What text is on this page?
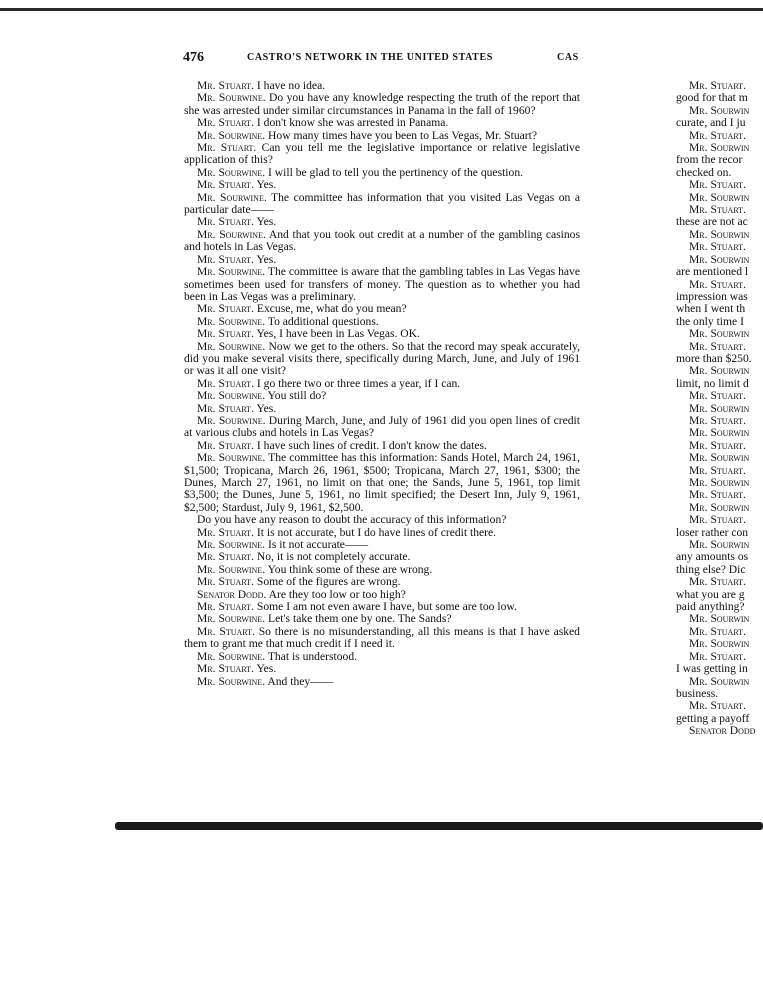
476	CASTRO'S NETWORK IN THE UNITED STATES	CAS

Mr. Stuart. I have no idea.

Mr. Sourwine. Do you have any knowledge respecting the truth of the report that she was arrested under similar circumstances in Panama in the fall of 1960?

Mr. Stuart. I don't know she was arrested in Panama.

Mr. Sourwine. How many times have you been to Las Vegas, Mr. Stuart?

Mr. Stuart. Can you tell me the legislative importance or relative legislative application of this?

Mr. Sourwine. I will be glad to tell you the pertinency of the question.

Mr. Stuart. Yes.

Mr. Sourwine. The committee has information that you visited Las Vegas on a particular date——

Mr. Stuart. Yes.

Mr. Sourwine. And that you took out credit at a number of the gambling casinos and hotels in Las Vegas.

Mr. Stuart. Yes.

Mr. Sourwine. The committee is aware that the gambling tables in Las Vegas have sometimes been used for transfers of money. The question as to whether you had been in Las Vegas was a preliminary.

Mr. Stuart. Excuse, me, what do you mean?

Mr. Sourwine. To additional questions.

Mr. Stuart. Yes, I have been in Las Vegas. OK.

Mr. Sourwine. Now we get to the others. So that the record may speak accurately, did you make several visits there, specifically during March, June, and July of 1961 or was it all one visit?

Mr. Stuart. I go there two or three times a year, if I can.

Mr. Sourwine. You still do?

Mr. Stuart. Yes.

Mr. Sourwine. During March, June, and July of 1961 did you open lines of credit at various clubs and hotels in Las Vegas?

Mr. Stuart. I have such lines of credit. I don't know the dates.

Mr. Sourwine. The committee has this information: Sands Hotel, March 24, 1961, $1,500; Tropicana, March 26, 1961, $500; Tropicana, March 27, 1961, $300; the Dunes, March 27, 1961, no limit on that one; the Sands, June 5, 1961, top limit $3,500; the Dunes, June 5, 1961, no limit specified; the Desert Inn, July 9, 1961, $2,500; Stardust, July 9, 1961, $2,500.

Do you have any reason to doubt the accuracy of this information?

Mr. Stuart. It is not accurate, but I do have lines of credit there.

Mr. Sourwine. Is it not accurate——

Mr. Stuart. No, it is not completely accurate.

Mr. Sourwine. You think some of these are wrong.

Mr. Stuart. Some of the figures are wrong.

Senator Dodd. Are they too low or too high?

Mr. Stuart. Some I am not even aware I have, but some are too low.

Mr. Sourwine. Let's take them one by one. The Sands?

Mr. Stuart. So there is no misunderstanding, all this means is that I have asked them to grant me that much credit if I need it.

Mr. Sourwine. That is understood.

Mr. Stuart. Yes.

Mr. Sourwine. And they——

Mr. Stuart.
good for that m
Mr. Sourwin
curate, and I ju
Mr. Stuart.
Mr. Sourwin
from the recor
checked on.
Mr. Stuart.
Mr. Sourwin
Mr. Stuart.
these are not ac
Mr. Sourwin
Mr. Stuart.
Mr. Sourwin
are mentioned l
Mr. Stuart.
impression was
when I went th
the only time I
Mr. Sourwin
Mr. Stuart.
more than $250.
Mr. Sourwin
limit, no limit d
Mr. Stuart.
Mr. Sourwin
Mr. Stuart.
Mr. Sourwin
Mr. Stuart.
Mr. Sourwin
Mr. Stuart.
Mr. Sourwin
Mr. Stuart.
Mr. Sourwin
Mr. Stuart.
loser rather con
Mr. Sourwin
any amounts os
thing else? Dic
Mr. Stuart.
what you are g
paid anything?
Mr. Sourwin
Mr. Stuart.
Mr. Sourwin
Mr. Stuart.
I was getting in
Mr. Sourwin
business.
Mr. Stuart.
getting a payoff
Senator Dodd
